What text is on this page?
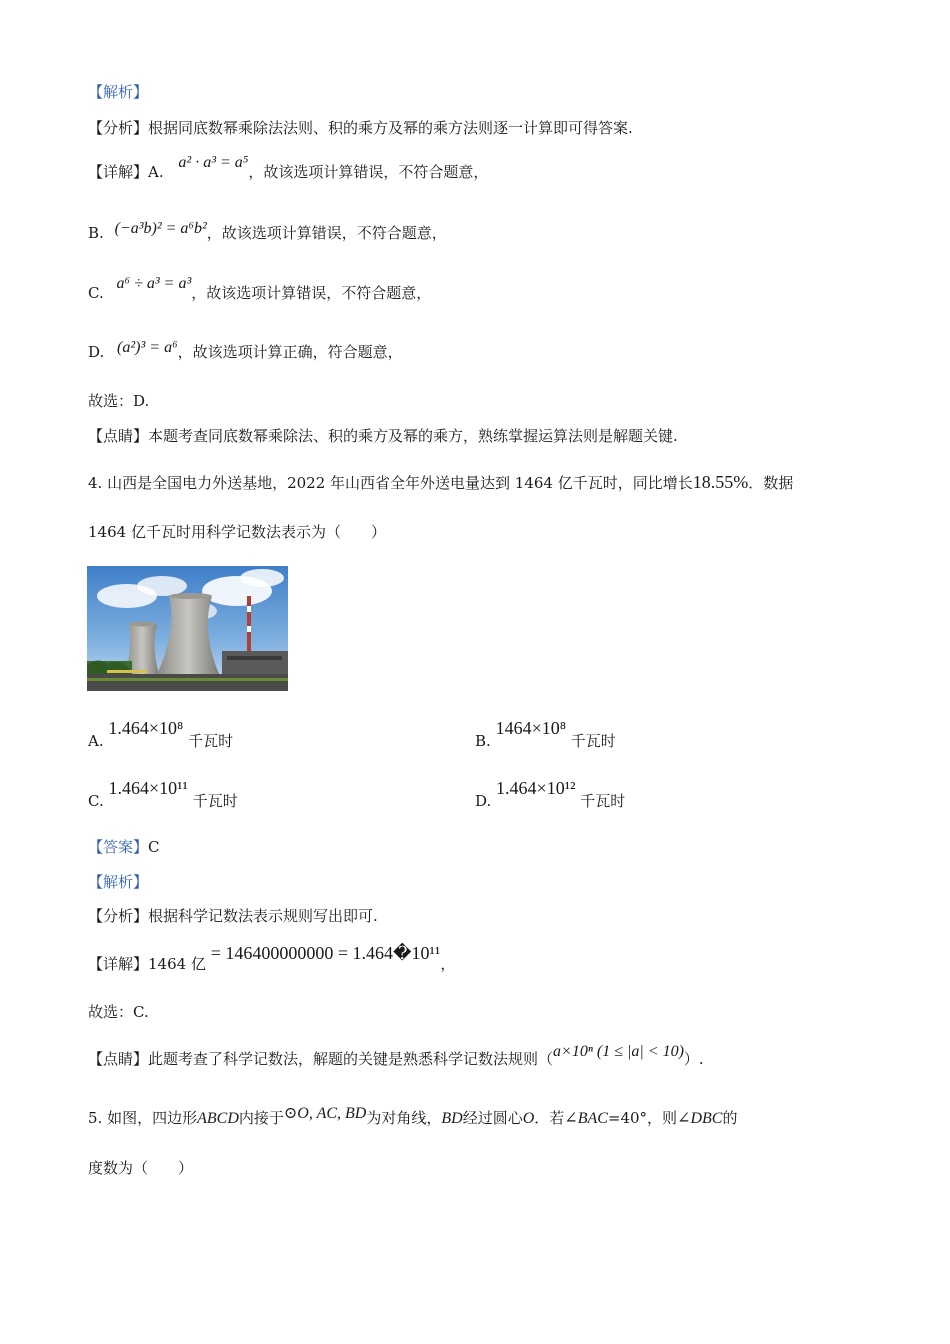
【解析】
【分析】根据同底数幂乘除法法则、积的乘方及幂的乘方法则逐一计算即可得答案.
【详解】A. a² · a³ = a⁵，故该选项计算错误，不符合题意，
B. (−a³b)² = a⁶b²，故该选项计算错误，不符合题意，
C. a⁶ ÷ a³ = a³，故该选项计算错误，不符合题意，
D. (a²)³ = a⁶，故该选项计算正确，符合题意，
故选：D.
【点睛】本题考查同底数幂乘除法、积的乘方及幂的乘方，熟练掌握运算法则是解题关键.
4. 山西是全国电力外送基地，2022 年山西省全年外送电量达到 1464 亿千瓦时，同比增长18.55%．数据
1464 亿千瓦时用科学记数法表示为（　　）
A. 1.464×10⁸ 千瓦时	B. 1464×10⁸ 千瓦时
C. 1.464×10¹¹ 千瓦时	D. 1.464×10¹² 千瓦时
【答案】C
【解析】
【分析】根据科学记数法表示规则写出即可.
【详解】1464 亿 = 146400000000 = 1.464�10¹¹，
故选：C.
【点睛】此题考查了科学记数法，解题的关键是熟悉科学记数法规则（a×10ⁿ (1 ≤ |a| < 10)）.
5. 如图，四边形ABCD内接于⊙O, AC, BD为对角线，BD经过圆心O．若∠BAC=40°，则∠DBC的
度数为（　　）
